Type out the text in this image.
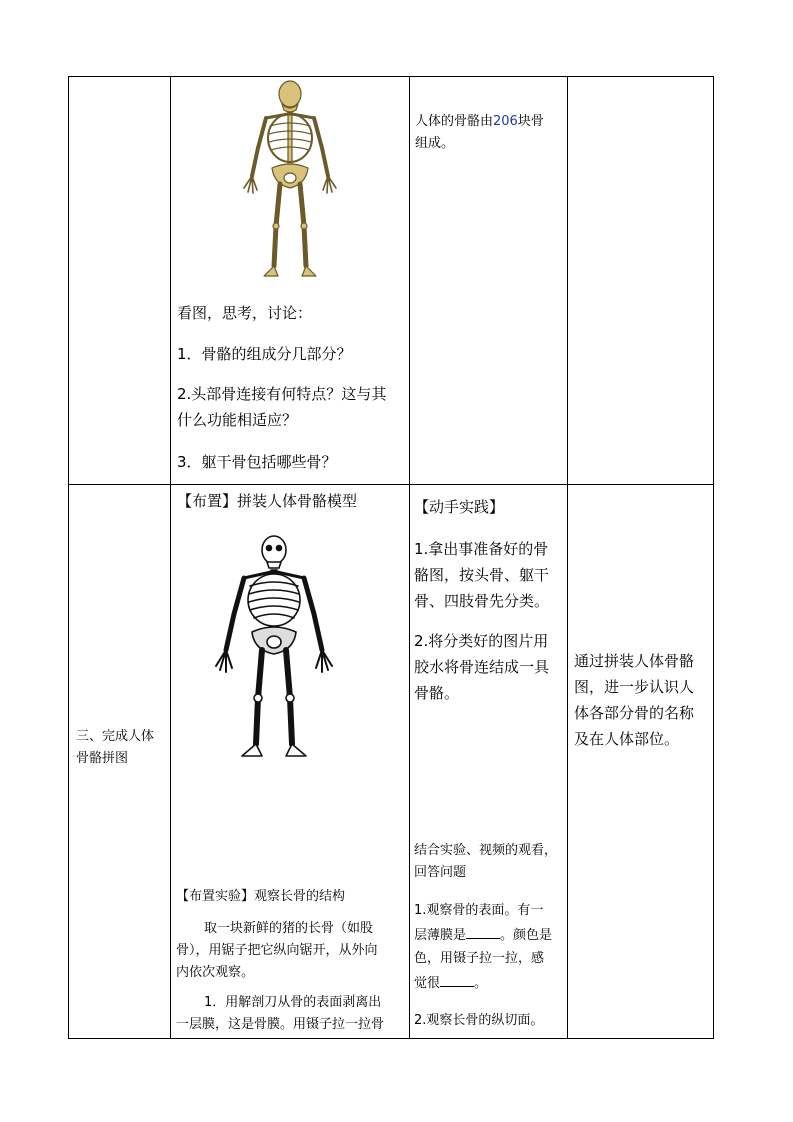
看图，思考，讨论：
1．骨骼的组成分几部分？
2.头部骨连接有何特点？这与其
什么功能相适应？
3．躯干骨包括哪些骨？
人体的骨骼由206块骨
组成。
三、完成人体
骨骼拼图
【布置】拼装人体骨骼模型
【布置实验】观察长骨的结构
取一块新鲜的猪的长骨（如股
骨），用锯子把它纵向锯开，从外向
内依次观察。
1．用解剖刀从骨的表面剥离出
一层膜，这是骨膜。用镊子拉一拉骨
【动手实践】
1.拿出事准备好的骨
骼图，按头骨、躯干
骨、四肢骨先分类。
2.将分类好的图片用
胶水将骨连结成一具
骨骼。
结合实验、视频的观看，
回答问题
1.观察骨的表面。有一
层薄膜是	。颜色是
色，用镊子拉一拉，感
觉很	。
2.观察长骨的纵切面。
通过拼装人体骨骼
图，进一步认识人
体各部分骨的名称
及在人体部位。
